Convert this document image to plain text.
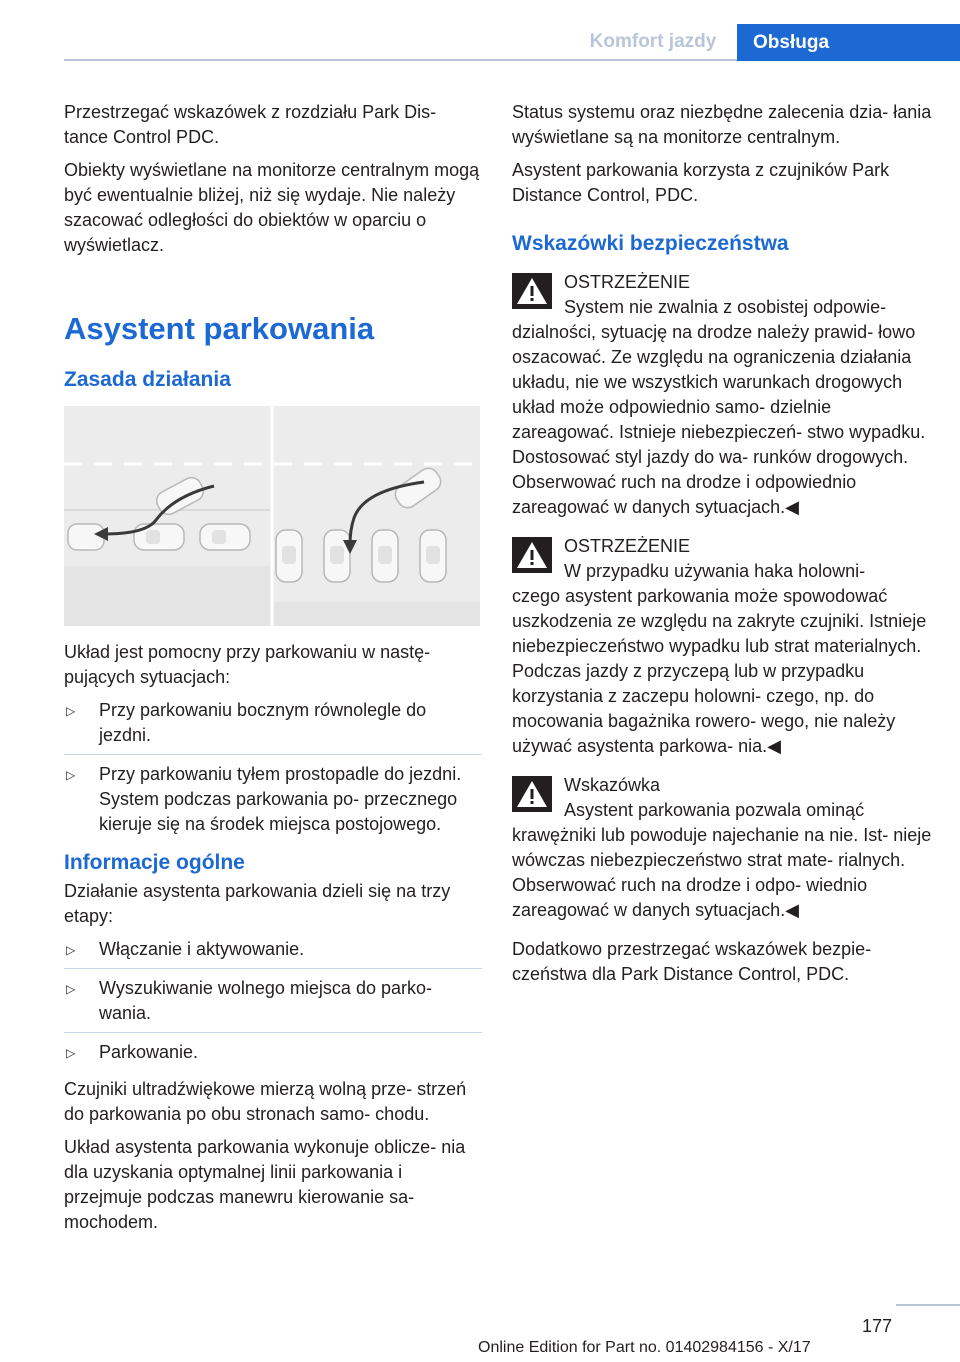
Komfort jazdy	Obsługa

Przestrzegać wskazówek z rozdziału Park Dis‐ tance Control PDC.

Obiekty wyświetlane na monitorze centralnym mogą być ewentualnie bliżej, niż się wydaje. Nie należy szacować odległości do obiektów w oparciu o wyświetlacz.

Asystent parkowania
Zasada działania

Układ jest pomocny przy parkowaniu w nastę‐ pujących sytuacjach:

▷ Przy parkowaniu bocznym równolegle do jezdni.
▷ Przy parkowaniu tyłem prostopadle do jezdni. System podczas parkowania po‐ przecznego kieruje się na środek miejsca postojowego.
Informacje ogólne

Działanie asystenta parkowania dzieli się na trzy etapy:

▷ Włączanie i aktywowanie.
▷ Wyszukiwanie wolnego miejsca do parko‐ wania.
▷ Parkowanie.

Czujniki ultradźwiękowe mierzą wolną prze‐ strzeń do parkowania po obu stronach samo‐ chodu.

Układ asystenta parkowania wykonuje oblicze‐ nia dla uzyskania optymalnej linii parkowania i przejmuje podczas manewru kierowanie sa‐ mochodem.

Status systemu oraz niezbędne zalecenia dzia‐ łania wyświetlane są na monitorze centralnym.

Asystent parkowania korzysta z czujników Park Distance Control, PDC.

Wskazówki bezpieczeństwa
OSTRZEŻENIE
System nie zwalnia z osobistej odpowie‐
dzialności, sytuację na drodze należy prawid‐ łowo oszacować. Ze względu na ograniczenia działania układu, nie we wszystkich warunkach drogowych układ może odpowiednio samo‐ dzielnie zareagować. Istnieje niebezpieczeń‐ stwo wypadku. Dostosować styl jazdy do wa‐ runków drogowych. Obserwować ruch na drodze i odpowiednio zareagować w danych sytuacjach.◀
OSTRZEŻENIE
W przypadku używania haka holowni‐
czego asystent parkowania może spowodować uszkodzenia ze względu na zakryte czujniki. Istnieje niebezpieczeństwo wypadku lub strat materialnych. Podczas jazdy z przyczepą lub w przypadku korzystania z zaczepu holowni‐ czego, np. do mocowania bagażnika rowero‐ wego, nie należy używać asystenta parkowa‐ nia.◀
Wskazówka
Asystent parkowania pozwala ominąć
krawężniki lub powoduje najechanie na nie. Ist‐ nieje wówczas niebezpieczeństwo strat mate‐ rialnych. Obserwować ruch na drodze i odpo‐ wiednio zareagować w danych sytuacjach.◀

Dodatkowo przestrzegać wskazówek bezpie‐ czeństwa dla Park Distance Control, PDC.

177
Online Edition for Part no. 01402984156 - X/17
